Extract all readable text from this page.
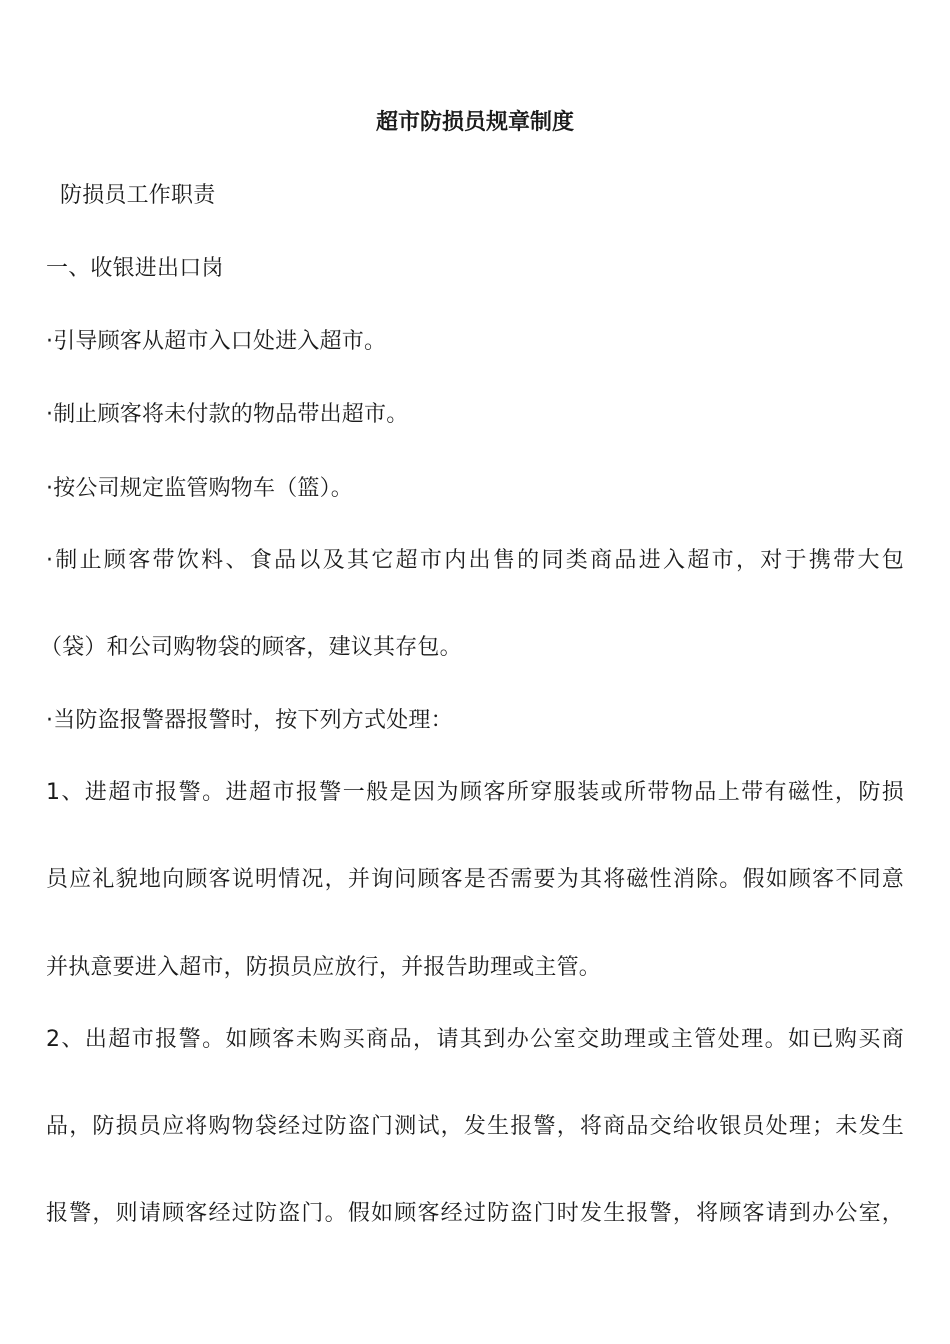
超市防损员规章制度
防损员工作职责
一、收银进出口岗
·引导顾客从超市入口处进入超市。
·制止顾客将未付款的物品带出超市。
·按公司规定监管购物车（篮）。
·制止顾客带饮料、食品以及其它超市内出售的同类商品进入超市，对于携带大包
（袋）和公司购物袋的顾客，建议其存包。
·当防盗报警器报警时，按下列方式处理：
1、进超市报警。进超市报警一般是因为顾客所穿服装或所带物品上带有磁性，防损
员应礼貌地向顾客说明情况，并询问顾客是否需要为其将磁性消除。假如顾客不同意
并执意要进入超市，防损员应放行，并报告助理或主管。
2、出超市报警。如顾客未购买商品，请其到办公室交助理或主管处理。如已购买商
品，防损员应将购物袋经过防盗门测试，发生报警，将商品交给收银员处理；未发生
报警，则请顾客经过防盗门。假如顾客经过防盗门时发生报警，将顾客请到办公室，
